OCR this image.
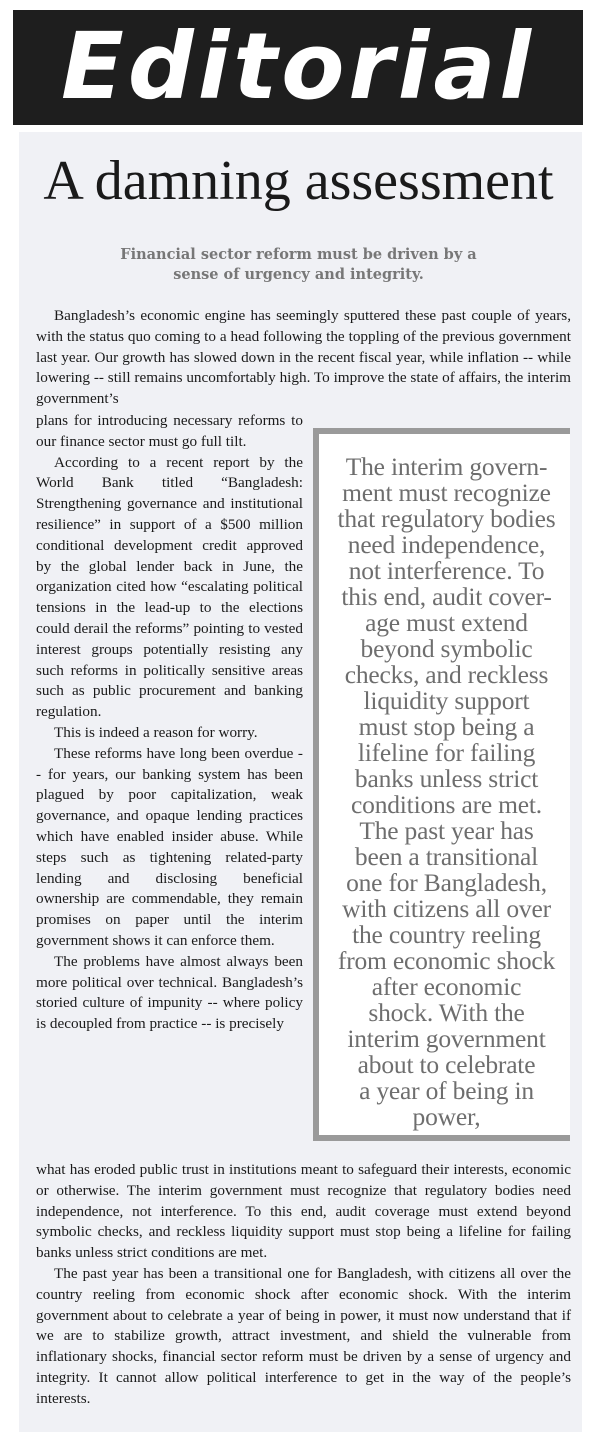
Editorial
A damning assessment
Financial sector reform must be driven by a sense of urgency and integrity.

Bangladesh’s economic engine has seemingly sputtered these past couple of years, with the status quo coming to a head following the toppling of the previous government last year. Our growth has slowed down in the recent fiscal year, while inflation -- while lowering -- still remains uncomfortably high. To improve the state of affairs, the interim government’s

plans for introducing necessary reforms to our finance sector must go full tilt.

According to a recent report by the World Bank titled “Bangladesh: Strengthening governance and institutional resilience” in support of a $500 million conditional development credit approved by the global lender back in June, the organization cited how “escalating political tensions in the lead-up to the elections could derail the reforms” pointing to vested interest groups potentially resisting any such reforms in politically sensitive areas such as public procurement and banking regulation.

This is indeed a reason for worry.

These reforms have long been overdue -- for years, our banking system has been plagued by poor capitalization, weak governance, and opaque lending practices which have enabled insider abuse. While steps such as tightening related-party lending and disclosing beneficial ownership are commendable, they remain promises on paper until the interim government shows it can enforce them.

The problems have almost always been more political over technical. Bangladesh’s storied culture of impunity -- where policy is decoupled from practice -- is precisely

The interim govern-
ment must recognize
that regulatory bodies
need independence,
not interference. To
this end, audit cover-
age must extend
beyond symbolic
checks, and reckless
liquidity support
must stop being a
lifeline for failing
banks unless strict
conditions are met.
The past year has
been a transitional
one for Bangladesh,
with citizens all over
the country reeling
from economic shock
after economic
shock. With the
interim government
about to celebrate
a year of being in
power,

what has eroded public trust in institutions meant to safeguard their interests, economic or otherwise. The interim government must recognize that regulatory bodies need independence, not interference. To this end, audit coverage must extend beyond symbolic checks, and reckless liquidity support must stop being a lifeline for failing banks unless strict conditions are met.

The past year has been a transitional one for Bangladesh, with citizens all over the country reeling from economic shock after economic shock. With the interim government about to celebrate a year of being in power, it must now understand that if we are to stabilize growth, attract investment, and shield the vulnerable from inflationary shocks, financial sector reform must be driven by a sense of urgency and integrity. It cannot allow political interference to get in the way of the people’s interests.
